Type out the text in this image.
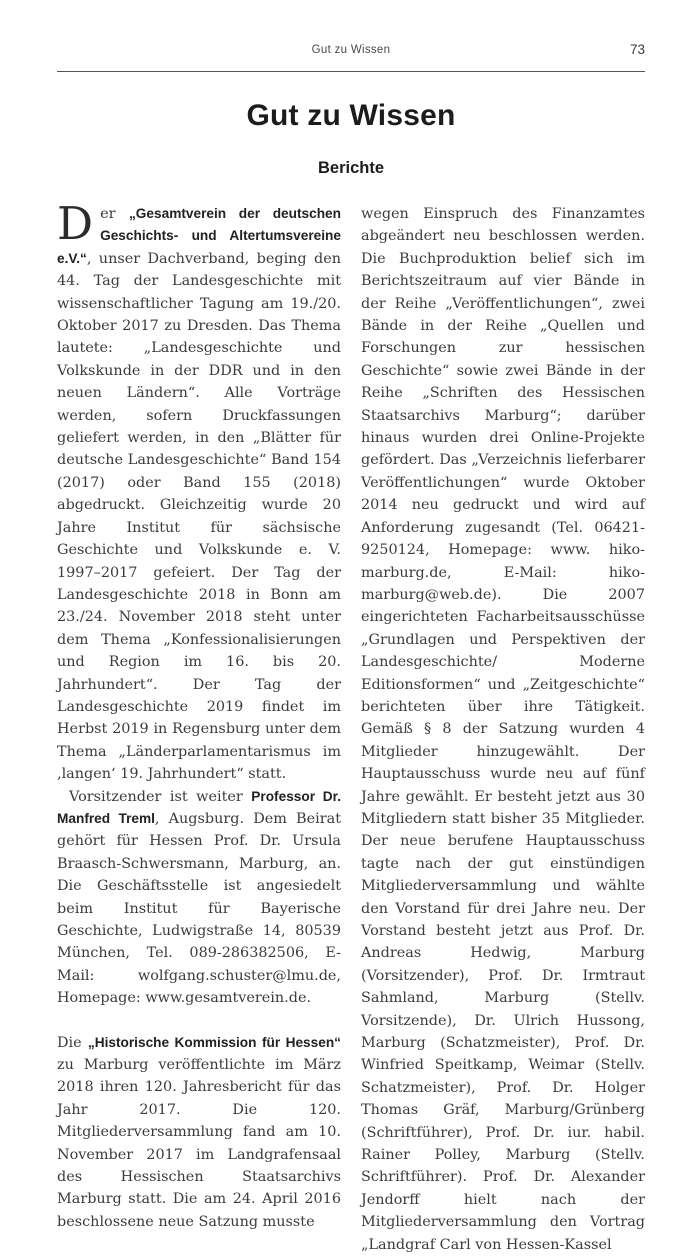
Gut zu Wissen	73
Gut zu Wissen
Berichte

Der „Gesamtverein der deutschen Geschichts- und Altertumsvereine e.V.“, unser Dachverband, beging den 44. Tag der Landesgeschichte mit wissenschaftlicher Tagung am 19./20. Oktober 2017 zu Dresden. Das Thema lautete: „Landesgeschichte und Volkskunde in der DDR und in den neuen Ländern“. Alle Vorträge werden, sofern Druckfassungen geliefert werden, in den „Blätter für deutsche Landesgeschichte“ Band 154 (2017) oder Band 155 (2018) abgedruckt. Gleichzeitig wurde 20 Jahre Institut für sächsische Geschichte und Volkskunde e. V. 1997–2017 gefeiert. Der Tag der Landesgeschichte 2018 in Bonn am 23./24. November 2018 steht unter dem Thema „Konfessionalisierungen und Region im 16. bis 20. Jahrhundert“. Der Tag der Landesgeschichte 2019 findet im Herbst 2019 in Regensburg unter dem Thema „Länderparlamentarismus im ‚langen‘ 19. Jahrhundert“ statt.

Vorsitzender ist weiter Professor Dr. Manfred Treml, Augsburg. Dem Beirat gehört für Hessen Prof. Dr. Ursula Braasch-Schwersmann, Marburg, an. Die Geschäftsstelle ist angesiedelt beim Institut für Bayerische Geschichte, Ludwigstraße 14, 80539 München, Tel. 089-286382506, E-Mail: wolfgang.schuster@lmu.de, Homepage: www.gesamtverein.de.

Die „Historische Kommission für Hessen“ zu Marburg veröffentlichte im März 2018 ihren 120. Jahresbericht für das Jahr 2017. Die 120. Mitgliederversammlung fand am 10. November 2017 im Landgrafensaal des Hessischen Staatsarchivs Marburg statt. Die am 24. April 2016 beschlossene neue Satzung musste

wegen Einspruch des Finanzamtes abgeändert neu beschlossen werden. Die Buchproduktion belief sich im Berichtszeitraum auf vier Bände in der Reihe „Veröffentlichungen“, zwei Bände in der Reihe „Quellen und Forschungen zur hessischen Geschichte“ sowie zwei Bände in der Reihe „Schriften des Hessischen Staatsarchivs Marburg“; darüber hinaus wurden drei Online-Projekte gefördert. Das „Verzeichnis lieferbarer Veröffentlichungen“ wurde Oktober 2014 neu gedruckt und wird auf Anforderung zugesandt (Tel. 06421-9250124, Homepage: www. hiko-marburg.de, E-Mail: hiko-marburg@web.de). Die 2007 eingerichteten Facharbeitsausschüsse „Grundlagen und Perspektiven der Landesgeschichte/ Moderne Editionsformen“ und „Zeitgeschichte“ berichteten über ihre Tätigkeit. Gemäß § 8 der Satzung wurden 4 Mitglieder hinzugewählt. Der Hauptausschuss wurde neu auf fünf Jahre gewählt. Er besteht jetzt aus 30 Mitgliedern statt bisher 35 Mitglieder. Der neue berufene Hauptausschuss tagte nach der gut einstündigen Mitgliederversammlung und wählte den Vorstand für drei Jahre neu. Der Vorstand besteht jetzt aus Prof. Dr. Andreas Hedwig, Marburg (Vorsitzender), Prof. Dr. Irmtraut Sahmland, Marburg (Stellv. Vorsitzende), Dr. Ulrich Hussong, Marburg (Schatzmeister), Prof. Dr. Winfried Speitkamp, Weimar (Stellv. Schatzmeister), Prof. Dr. Holger Thomas Gräf, Marburg/Grünberg (Schriftführer), Prof. Dr. iur. habil. Rainer Polley, Marburg (Stellv. Schriftführer). Prof. Dr. Alexander Jendorff hielt nach der Mitgliederversammlung den Vortrag „Landgraf Carl von Hessen-Kassel
